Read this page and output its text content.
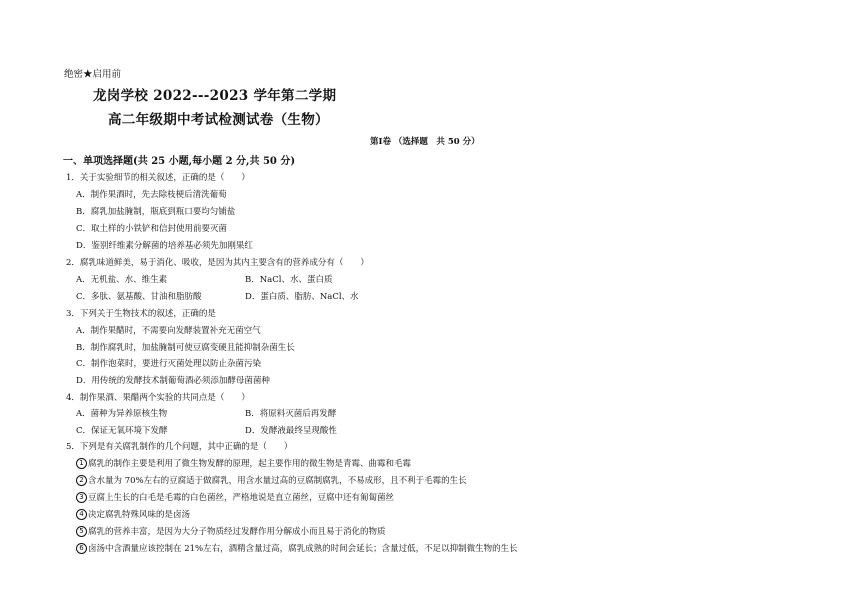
绝密★启用前
龙岗学校 2022---2023 学年第二学期
高二年级期中考试检测试卷（生物）
第Ⅰ卷 （选择题　共 50 分）
一、单项选择题(共 25 小题,每小题 2 分,共 50 分)
1．关于实验细节的相关叙述，正确的是（　　）
A．制作果酒时，先去除枝梗后清洗葡萄
B．腐乳加盐腌制，瓶底到瓶口要均匀铺盐
C．取土样的小铁铲和信封使用前要灭菌
D．鉴别纤维素分解菌的培养基必须先加刚果红
2．腐乳味道鲜美，易于消化、吸收，是因为其内主要含有的营养成分有（　　）
A．无机盐、水、维生素	B．NaCl、水、蛋白质
C．多肽、氨基酸、甘油和脂肪酸	D．蛋白质、脂肪、NaCl、水
3．下列关于生物技术的叙述，正确的是
A．制作果醋时，不需要向发酵装置补充无菌空气
B．制作腐乳时，加盐腌制可使豆腐变硬且能抑制杂菌生长
C．制作泡菜时，要进行灭菌处理以防止杂菌污染
D．用传统的发酵技术制葡萄酒必须添加酵母菌菌种
4．制作果酒、果醋两个实验的共同点是（　　）
A．菌种为异养原核生物	B．将原料灭菌后再发酵
C．保证无氧环境下发酵	D．发酵液最终呈现酸性
5．下列是有关腐乳制作的几个问题，其中正确的是（　　）
1 腐乳的制作主要是利用了微生物发酵的原理，起主要作用的微生物是青霉、曲霉和毛霉
2 含水量为 70%左右的豆腐适于做腐乳，用含水量过高的豆腐制腐乳，不易成形，且不利于毛霉的生长
3 豆腐上生长的白毛是毛霉的白色菌丝，严格地说是直立菌丝，豆腐中还有匍匐菌丝
4 决定腐乳特殊风味的是卤汤
5 腐乳的营养丰富，是因为大分子物质经过发酵作用分解成小而且易于消化的物质
6 卤汤中含酒量应该控制在 21%左右，酒精含量过高，腐乳成熟的时间会延长；含量过低，不足以抑制微生物的生长
